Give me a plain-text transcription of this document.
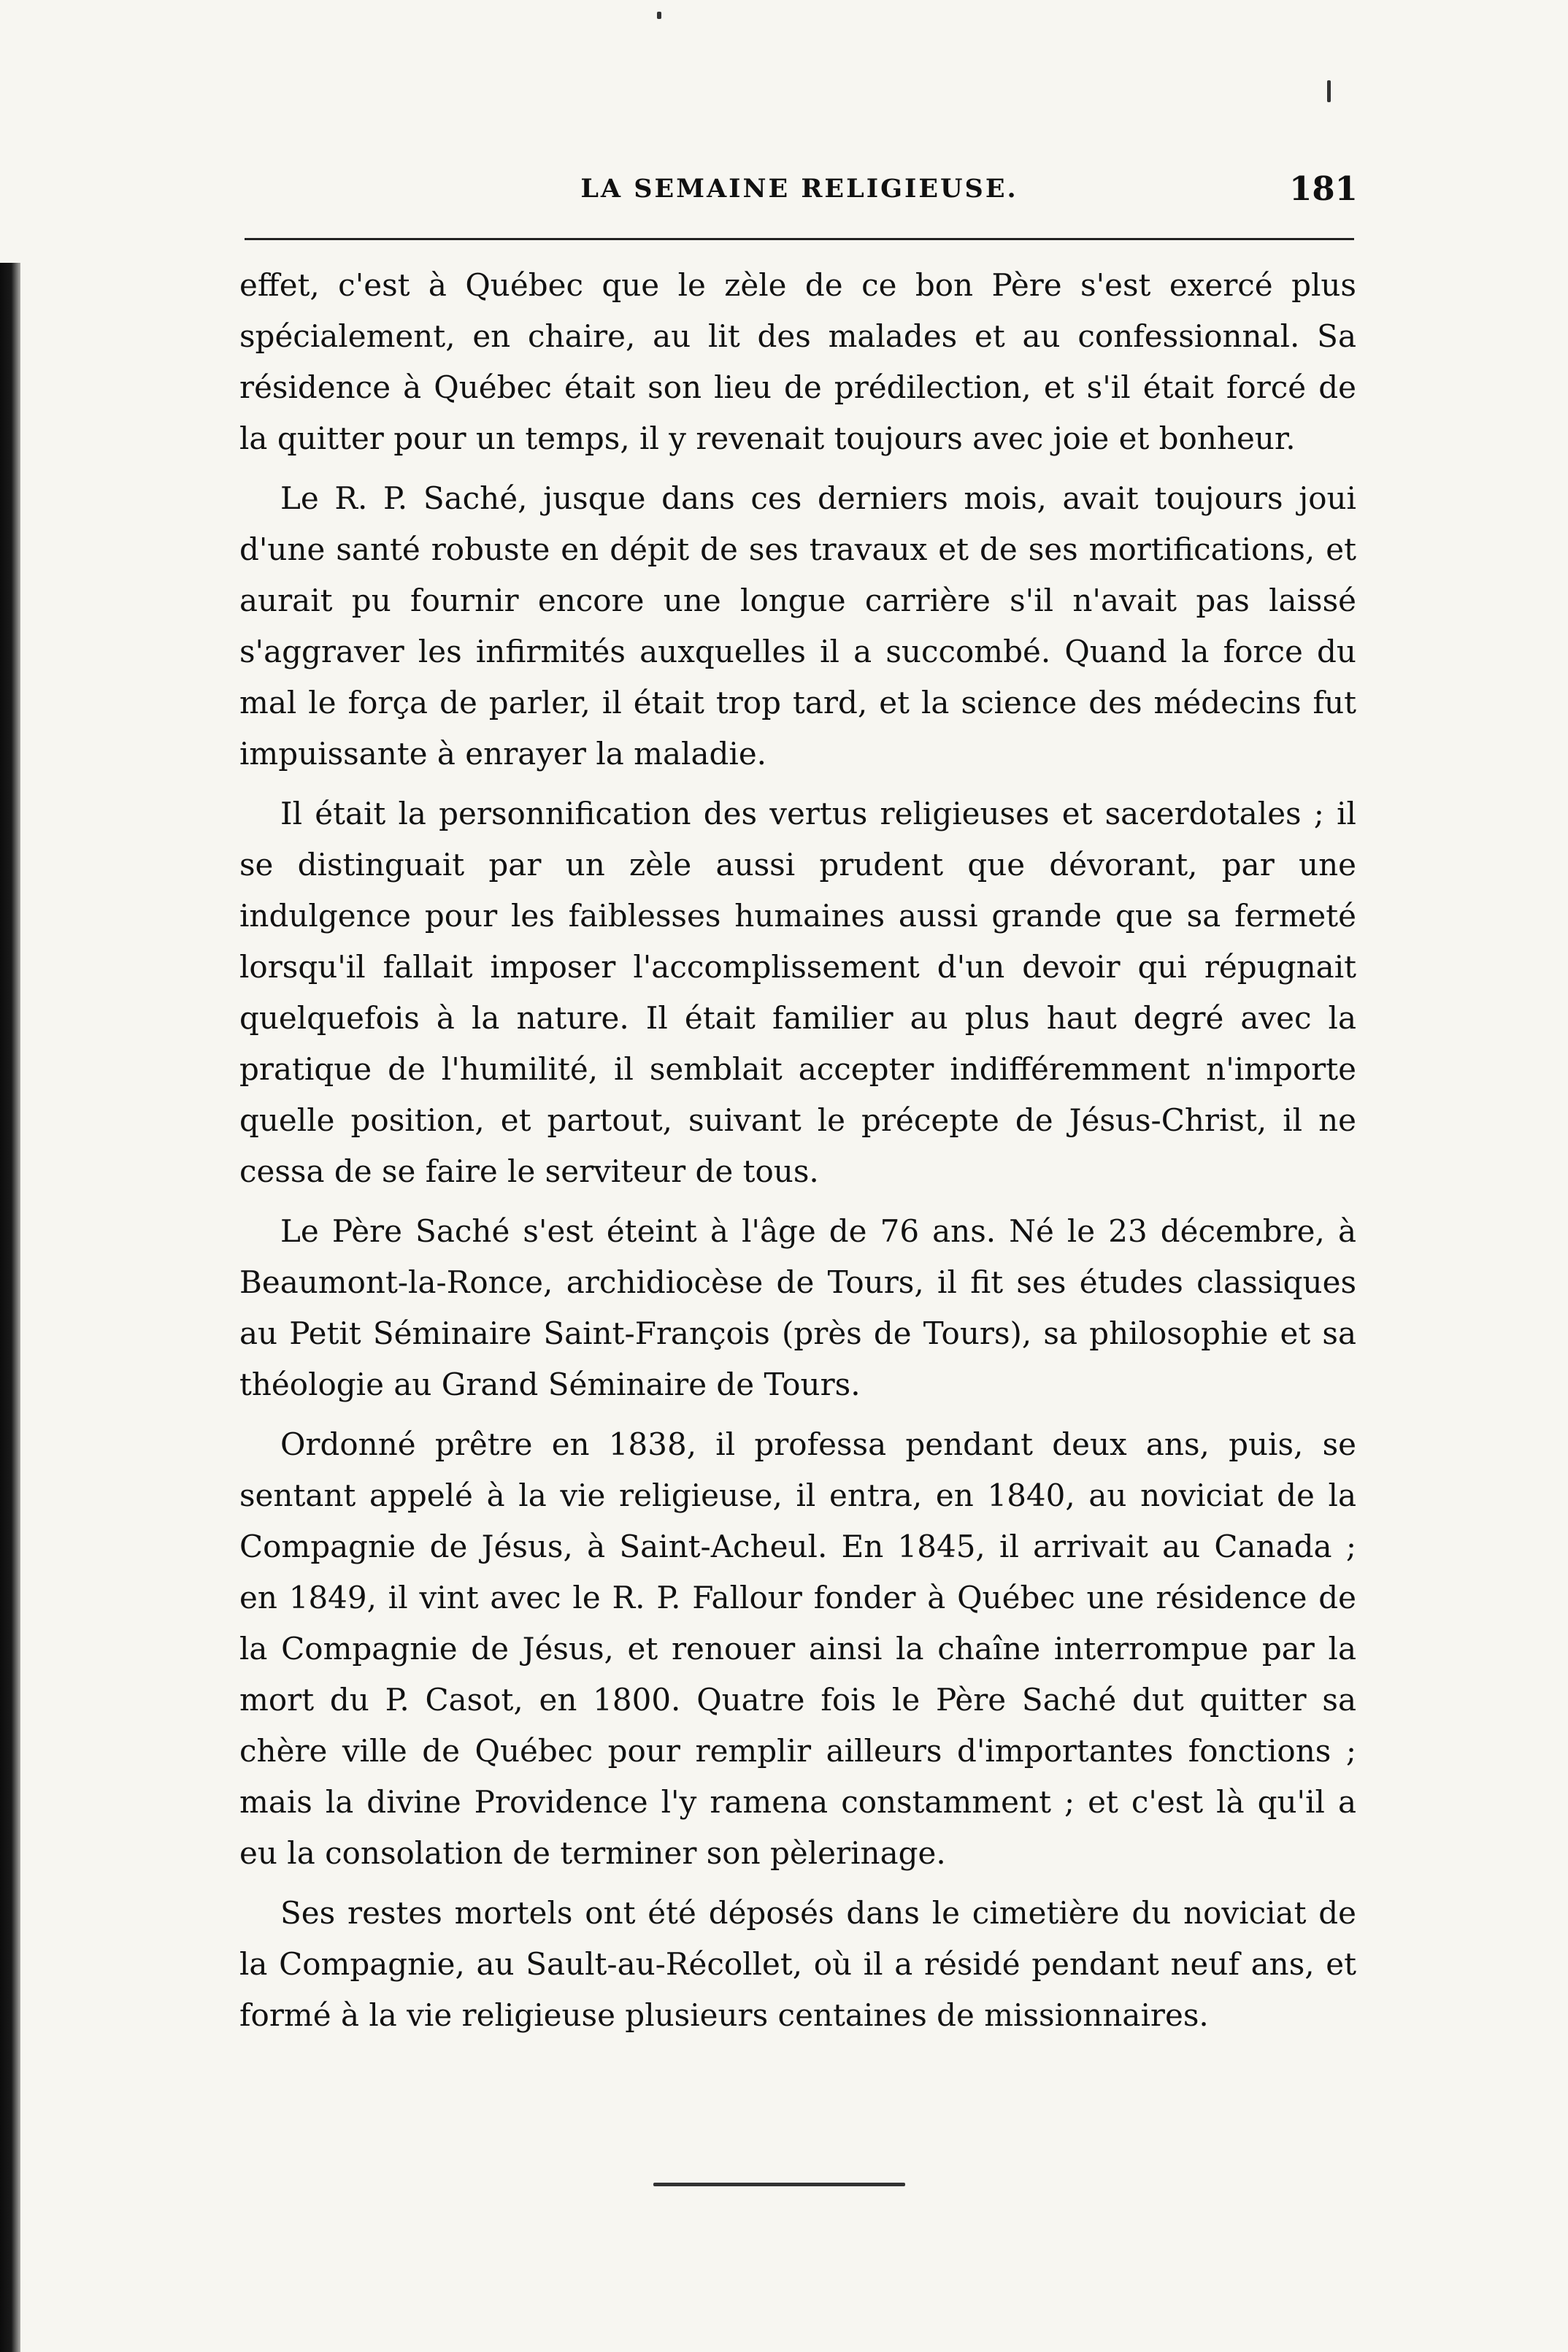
LA SEMAINE RELIGIEUSE.	181

effet, c'est à Québec que le zèle de ce bon Père s'est exercé plus spécialement, en chaire, au lit des malades et au confessionnal. Sa résidence à Québec était son lieu de prédilection, et s'il était forcé de la quitter pour un temps, il y revenait toujours avec joie et bonheur.

Le R. P. Saché, jusque dans ces derniers mois, avait toujours joui d'une santé robuste en dépit de ses travaux et de ses mortifications, et aurait pu fournir encore une longue carrière s'il n'avait pas laissé s'aggraver les infirmités auxquelles il a succombé. Quand la force du mal le força de parler, il était trop tard, et la science des médecins fut impuissante à enrayer la maladie.

Il était la personnification des vertus religieuses et sacerdotales ; il se distinguait par un zèle aussi prudent que dévorant, par une indulgence pour les faiblesses humaines aussi grande que sa fermeté lorsqu'il fallait imposer l'accomplissement d'un devoir qui répugnait quelquefois à la nature. Il était familier au plus haut degré avec la pratique de l'humilité, il semblait accepter indifféremment n'importe quelle position, et partout, suivant le précepte de Jésus-Christ, il ne cessa de se faire le serviteur de tous.

Le Père Saché s'est éteint à l'âge de 76 ans. Né le 23 décembre, à Beaumont-la-Ronce, archidiocèse de Tours, il fit ses études classiques au Petit Séminaire Saint-François (près de Tours), sa philosophie et sa théologie au Grand Séminaire de Tours.

Ordonné prêtre en 1838, il professa pendant deux ans, puis, se sentant appelé à la vie religieuse, il entra, en 1840, au noviciat de la Compagnie de Jésus, à Saint-Acheul. En 1845, il arrivait au Canada ; en 1849, il vint avec le R. P. Fallour fonder à Québec une résidence de la Compagnie de Jésus, et renouer ainsi la chaîne interrompue par la mort du P. Casot, en 1800. Quatre fois le Père Saché dut quitter sa chère ville de Québec pour remplir ailleurs d'importantes fonctions ; mais la divine Providence l'y ramena constamment ; et c'est là qu'il a eu la consolation de terminer son pèlerinage.

Ses restes mortels ont été déposés dans le cimetière du noviciat de la Compagnie, au Sault-au-Récollet, où il a résidé pendant neuf ans, et formé à la vie religieuse plusieurs centaines de missionnaires.
